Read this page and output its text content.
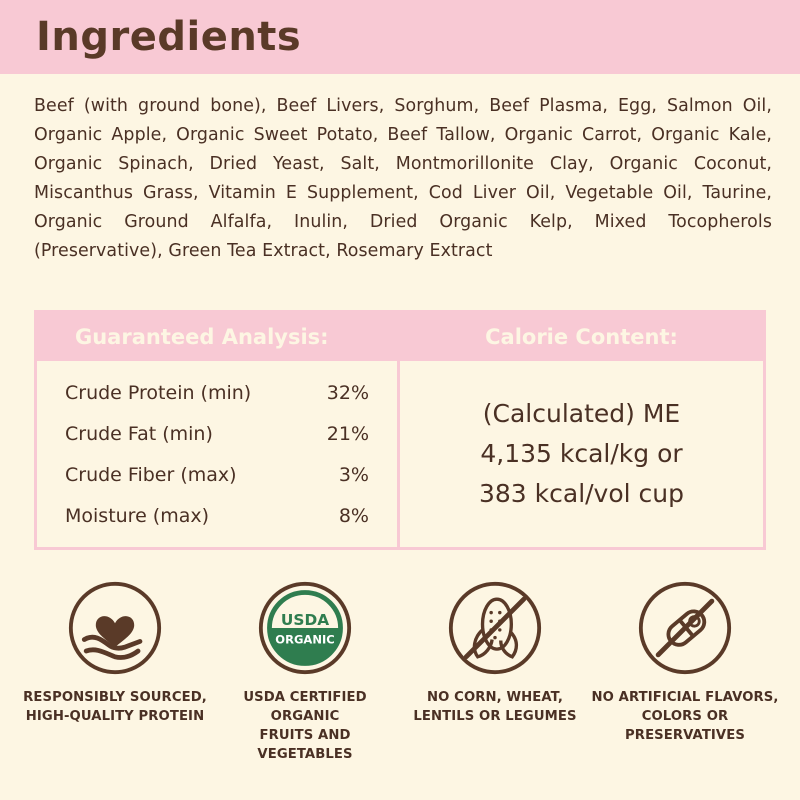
Ingredients
Beef (with ground bone), Beef Livers, Sorghum, Beef Plasma, Egg, Salmon Oil, Organic Apple, Organic Sweet Potato, Beef Tallow, Organic Carrot, Organic Kale, Organic Spinach, Dried Yeast, Salt, Montmorillonite Clay, Organic Coconut, Miscanthus Grass, Vitamin E Supplement, Cod Liver Oil, Vegetable Oil, Taurine, Organic Ground Alfalfa, Inulin, Dried Organic Kelp, Mixed Tocopherols (Preservative), Green Tea Extract, Rosemary Extract
Guaranteed Analysis:	Calorie Content:
Crude Protein (min)	32%
Crude Fat (min)	21%
Crude Fiber (max)	3%
Moisture (max)	8%
(Calculated) ME
4,135 kcal/kg or
383 kcal/vol cup
RESPONSIBLY SOURCED,
HIGH-QUALITY PROTEIN
USDA
ORGANIC
USDA CERTIFIED ORGANIC
FRUITS AND VEGETABLES
NO CORN, WHEAT,
LENTILS OR LEGUMES
NO ARTIFICIAL FLAVORS,
COLORS OR PRESERVATIVES
